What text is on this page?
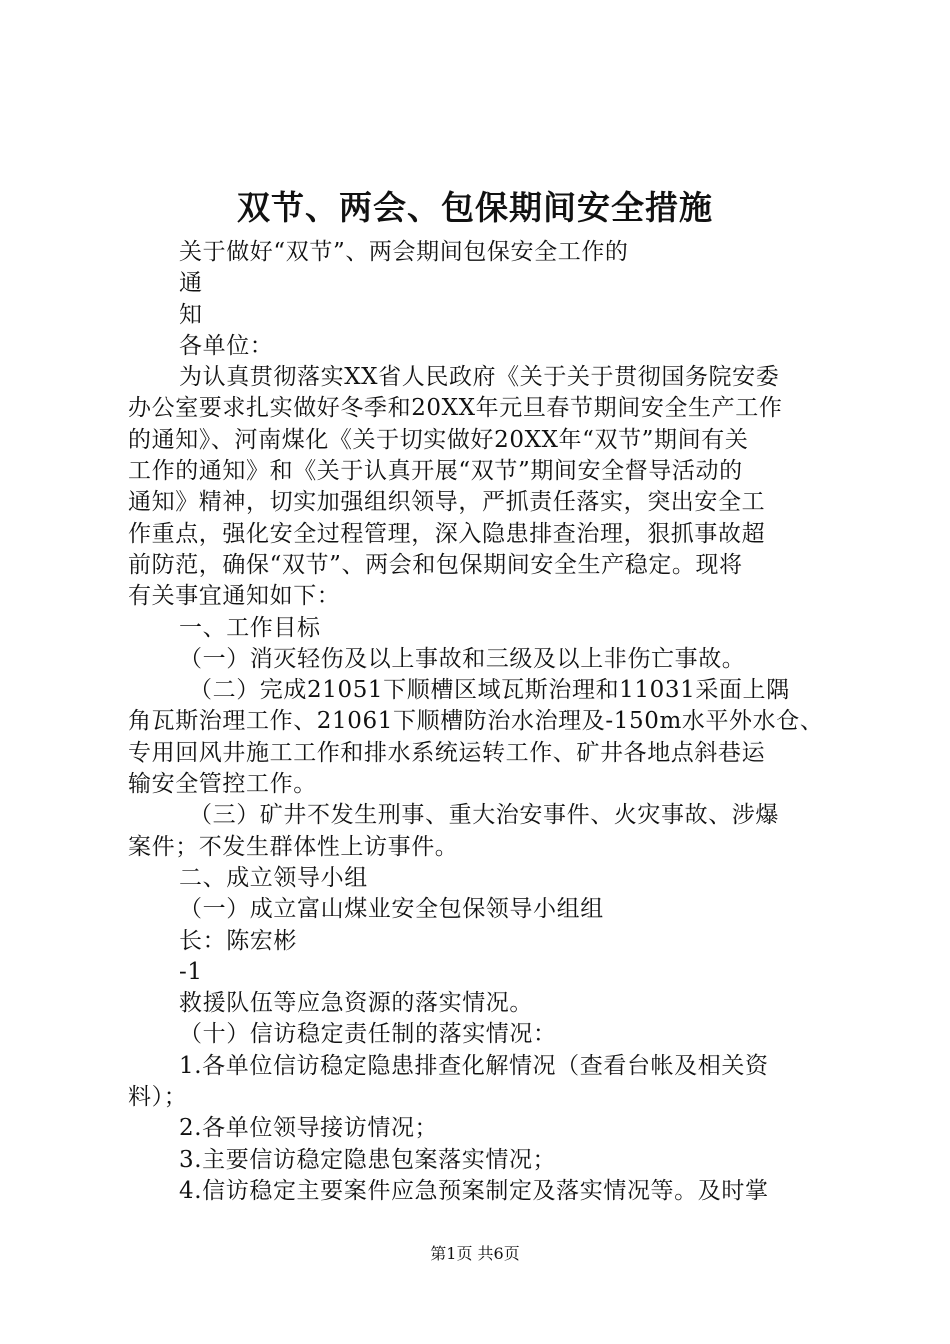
双节、两会、包保期间安全措施
关于做好“双节”、两会期间包保安全工作的
通
知
各单位：
为认真贯彻落实XX省人民政府《关于关于贯彻国务院安委
办公室要求扎实做好冬季和20XX年元旦春节期间安全生产工作
的通知》、河南煤化《关于切实做好20XX年“双节”期间有关
工作的通知》和《关于认真开展“双节”期间安全督导活动的
通知》精神，切实加强组织领导，严抓责任落实，突出安全工
作重点，强化安全过程管理，深入隐患排查治理，狠抓事故超
前防范，确保“双节”、两会和包保期间安全生产稳定。现将
有关事宜通知如下：
一、工作目标
（一）消灭轻伤及以上事故和三级及以上非伤亡事故。
（二）完成21051下顺槽区域瓦斯治理和11031采面上隅
角瓦斯治理工作、21061下顺槽防治水治理及-150m水平外水仓、
专用回风井施工工作和排水系统运转工作、矿井各地点斜巷运
输安全管控工作。
（三）矿井不发生刑事、重大治安事件、火灾事故、涉爆
案件；不发生群体性上访事件。
二、成立领导小组
（一）成立富山煤业安全包保领导小组组
长：陈宏彬
-1
救援队伍等应急资源的落实情况。
（十）信访稳定责任制的落实情况：
1.各单位信访稳定隐患排查化解情况（查看台帐及相关资
料）；
2.各单位领导接访情况；
3.主要信访稳定隐患包案落实情况；
4.信访稳定主要案件应急预案制定及落实情况等。及时掌
第1页 共6页
